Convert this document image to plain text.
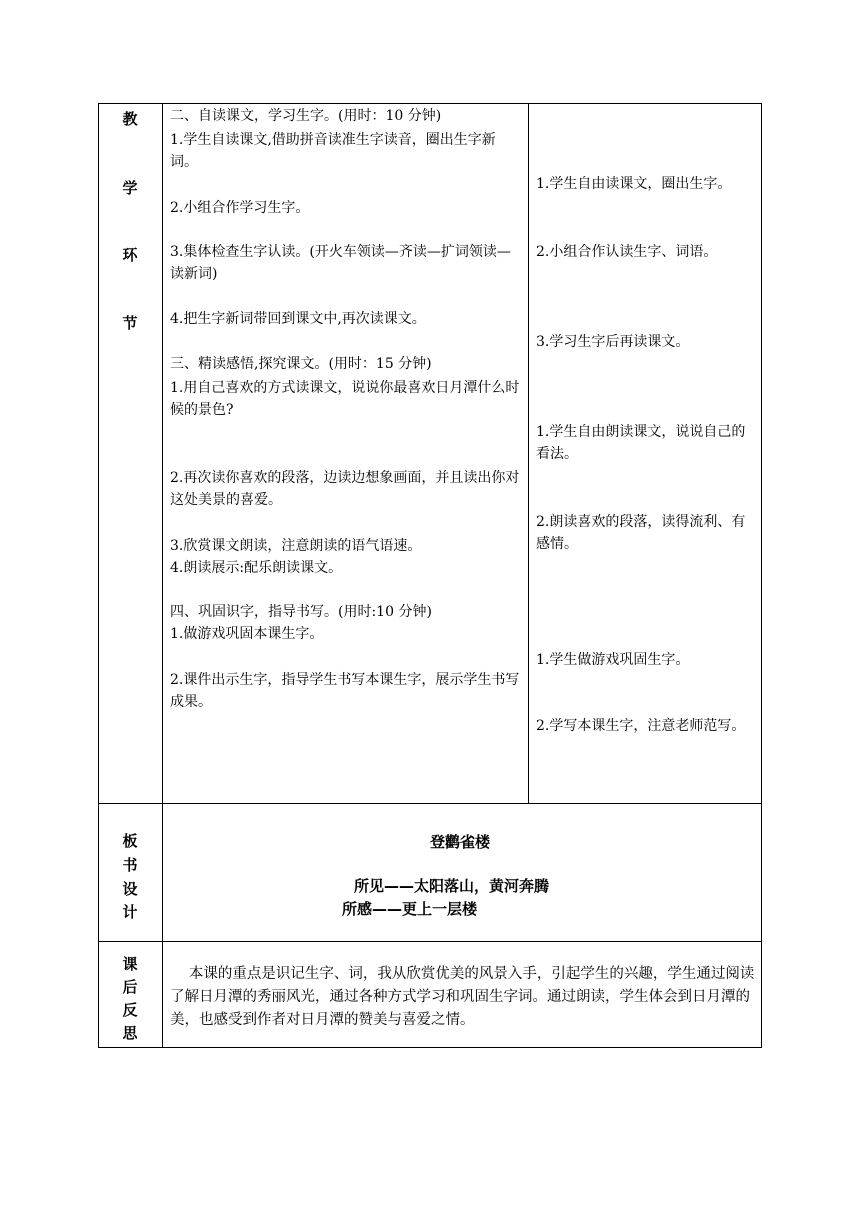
教
学
环
节

二、自读课文，学习生字。(用时：10 分钟)

1.学生自读课文,借助拼音读准生字读音，圈出生字新词。

2.小组合作学习生字。

3.集体检查生字认读。(开火车领读—齐读—扩词领读—读新词)

4.把生字新词带回到课文中,再次读课文。

三、精读感悟,探究课文。(用时：15 分钟)

1.用自己喜欢的方式读课文，说说你最喜欢日月潭什么时候的景色?

2.再次读你喜欢的段落，边读边想象画面，并且读出你对这处美景的喜爱。

3.欣赏课文朗读，注意朗读的语气语速。

4.朗读展示:配乐朗读课文。

四、巩固识字，指导书写。(用时:10 分钟)

1.做游戏巩固本课生字。

2.课件出示生字，指导学生书写本课生字，展示学生书写成果。

1.学生自由读课文，圈出生字。

2.小组合作认读生字、词语。

3.学习生字后再读课文。

1.学生自由朗读课文，说说自己的看法。

2.朗读喜欢的段落，读得流利、有感情。

1.学生做游戏巩固生字。

2.学写本课生字，注意老师范写。

板
书
设
计
登鹳雀楼
所见——太阳落山，黄河奔腾
所感——更上一层楼
课
后
反
思
本课的重点是识记生字、词，我从欣赏优美的风景入手，引起学生的兴趣，学生通过阅读了解日月潭的秀丽风光，通过各种方式学习和巩固生字词。通过朗读，学生体会到日月潭的美，也感受到作者对日月潭的赞美与喜爱之情。
